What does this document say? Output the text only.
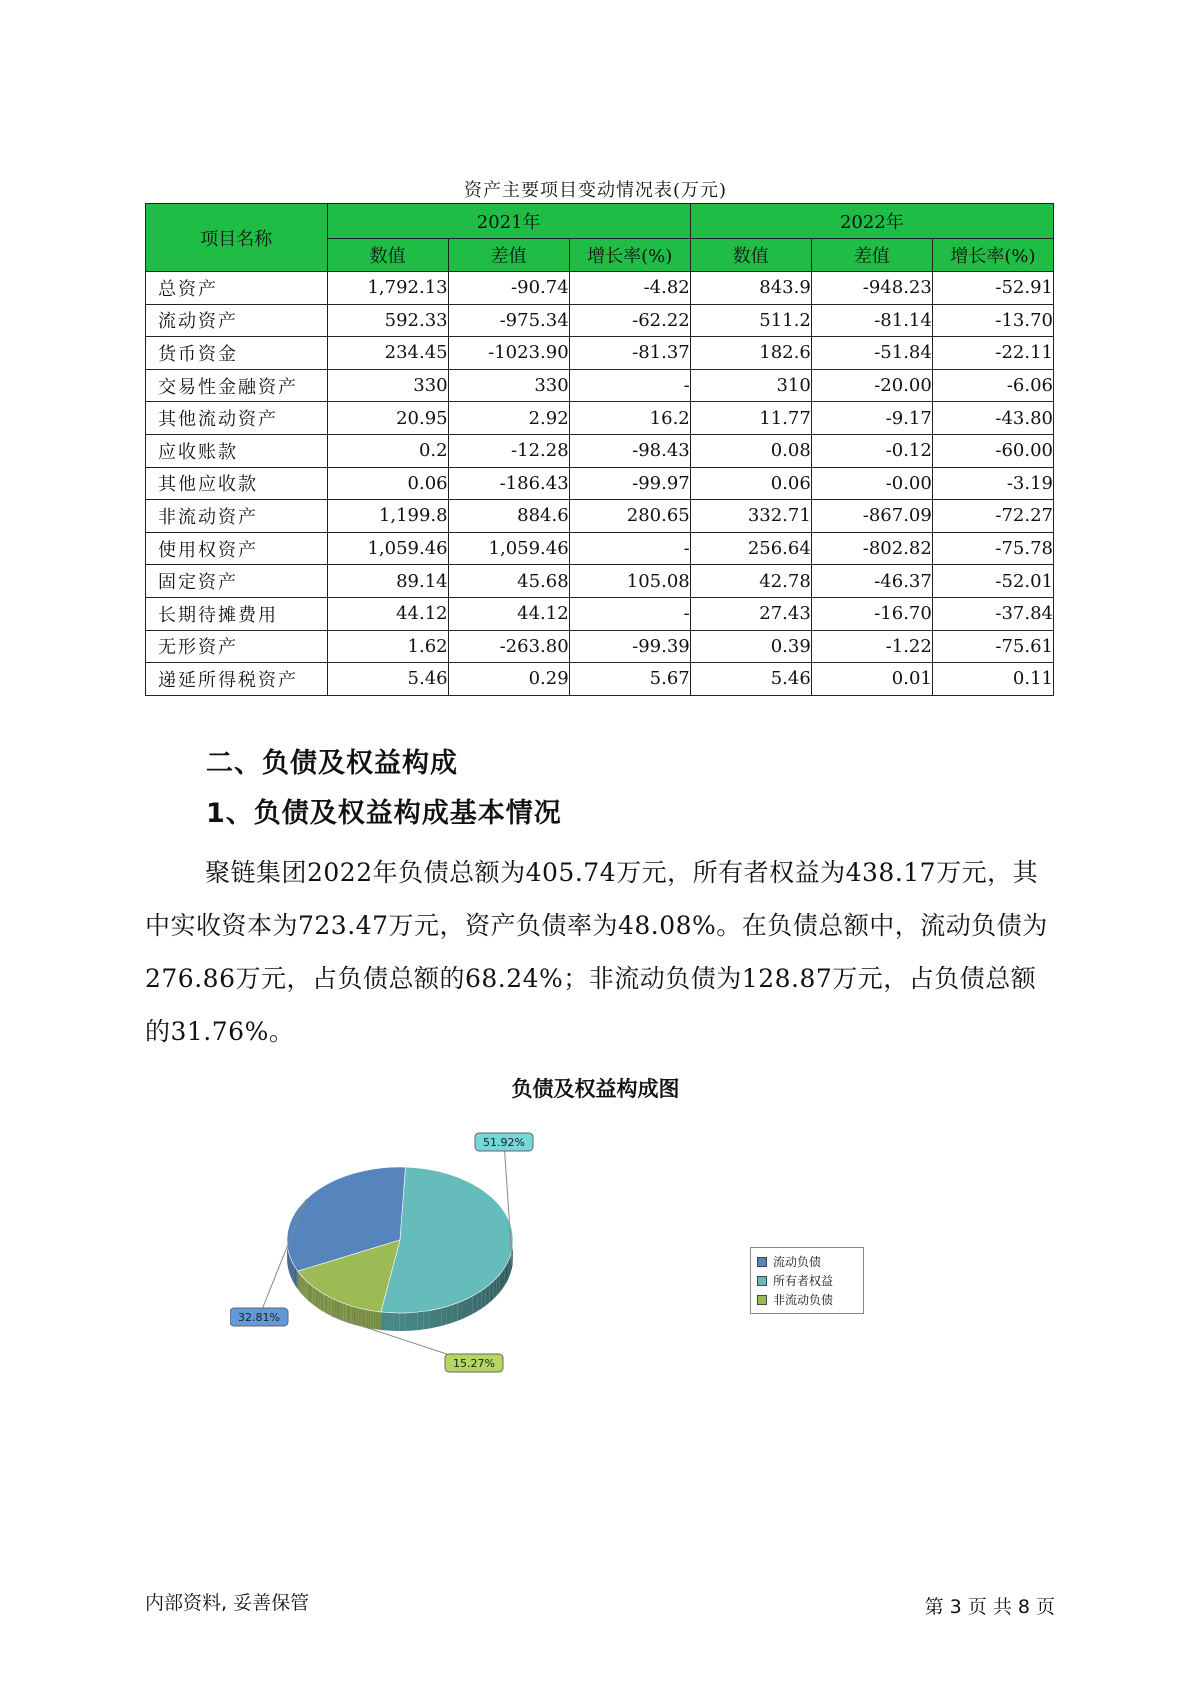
资产主要项目变动情况表(万元)
项目名称	2021年			2022年		
	数值	差值	增长率(%)	数值	差值	增长率(%)
总资产	1,792.13	-90.74	-4.82	843.9	-948.23	-52.91
流动资产	592.33	-975.34	-62.22	511.2	-81.14	-13.70
货币资金	234.45	-1023.90	-81.37	182.6	-51.84	-22.11
交易性金融资产	330	330	-	310	-20.00	-6.06
其他流动资产	20.95	2.92	16.2	11.77	-9.17	-43.80
应收账款	0.2	-12.28	-98.43	0.08	-0.12	-60.00
其他应收款	0.06	-186.43	-99.97	0.06	-0.00	-3.19
非流动资产	1,199.8	884.6	280.65	332.71	-867.09	-72.27
使用权资产	1,059.46	1,059.46	-	256.64	-802.82	-75.78
固定资产	89.14	45.68	105.08	42.78	-46.37	-52.01
长期待摊费用	44.12	44.12	-	27.43	-16.70	-37.84
无形资产	1.62	-263.80	-99.39	0.39	-1.22	-75.61
递延所得税资产	5.46	0.29	5.67	5.46	0.01	0.11
二、负债及权益构成
1、负债及权益构成基本情况

聚链集团2022年负债总额为405.74万元，所有者权益为438.17万元，其中实收资本为723.47万元，资产负债率为48.08%。在负债总额中，流动负债为276.86万元，占负债总额的68.24%；非流动负债为128.87万元，占负债总额的31.76%。

负债及权益构成图
32.81%
51.92%
15.27%
流动负债
所有者权益
非流动负债
内部资料, 妥善保管	第 3 页 共 8 页
